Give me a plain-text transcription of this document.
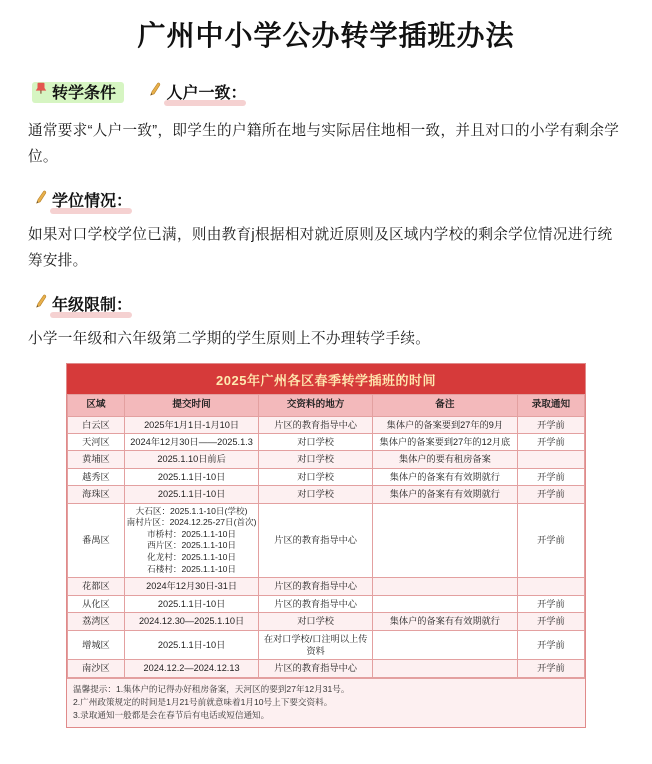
广州中小学公办转学插班办法
转学条件	人户一致：
通常要求“人户一致”，即学生的户籍所在地与实际居住地相一致，并且对口的小学有剩余学位。
学位情况：
如果对口学校学位已满，则由教育j根据相对就近原则及区域内学校的剩余学位情况进行统筹安排。
年级限制：
小学一年级和六年级第二学期的学生原则上不办理转学手续。
2025年广州各区春季转学插班的时间
区域	提交时间	交资料的地方	备注	录取通知
白云区	2025年1月1日-1月10日	片区的教育指导中心	集体户的备案要到27年的9月	开学前
天河区	2024年12月30日——2025.1.3	对口学校	集体户的备案要到27年的12月底	开学前
黄埔区	2025.1.10日前后	对口学校	集体户的要有租房备案	
越秀区	2025.1.1日-10日	对口学校	集体户的备案有有效期就行	开学前
海珠区	2025.1.1日-10日	对口学校	集体户的备案有有效期就行	开学前
番禺区	大石区：2025.1.1-10日(学校)
南村片区：2024.12.25-27日(首次)
市桥村：2025.1.1-10日
西片区：2025.1.1-10日
化龙村：2025.1.1-10日
石楼村：2025.1.1-10日	片区的教育指导中心		开学前
花都区	2024年12月30日-31日	片区的教育指导中心		
从化区	2025.1.1日-10日	片区的教育指导中心		开学前
荔湾区	2024.12.30—2025.1.10日	对口学校	集体户的备案有有效期就行	开学前
增城区	2025.1.1日-10日	在对口学校/口注明以上传资料		开学前
南沙区	2024.12.2—2024.12.13	片区的教育指导中心		开学前
温馨提示：1.集体户的记得办好租房备案，天河区的要到27年12月31号。
2.广州政策规定的时间是1月21号前就意味着1月10号上下要交资料。
3.录取通知一般都是会在春节后有电话或短信通知。
